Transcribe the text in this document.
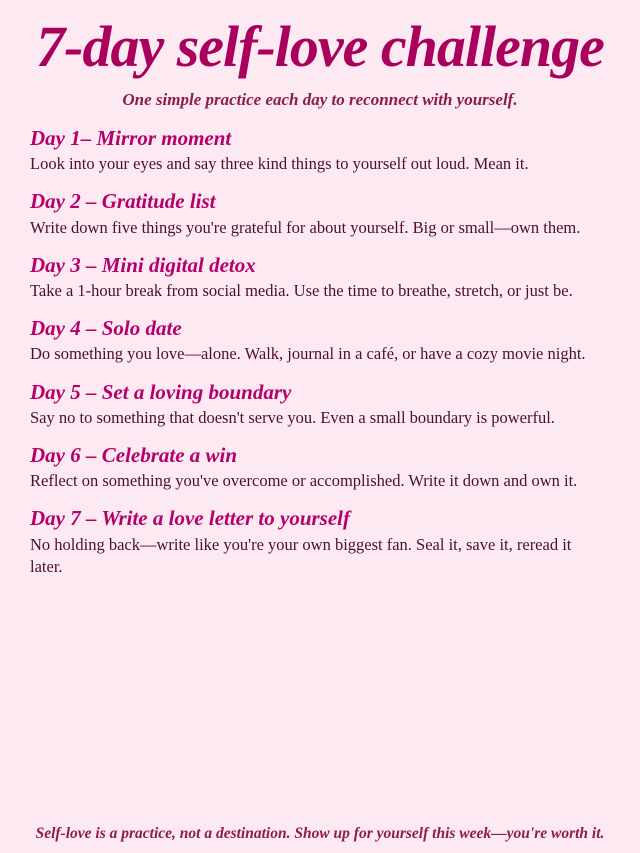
7-day self-love challenge

One simple practice each day to reconnect with yourself.

Day 1– Mirror moment
Look into your eyes and say three kind things to yourself out loud. Mean it.
Day 2 – Gratitude list
Write down five things you're grateful for about yourself. Big or small—own them.
Day 3 – Mini digital detox
Take a 1-hour break from social media. Use the time to breathe, stretch, or just be.
Day 4 – Solo date
Do something you love—alone. Walk, journal in a café, or have a cozy movie night.
Day 5 – Set a loving boundary
Say no to something that doesn't serve you. Even a small boundary is powerful.
Day 6 – Celebrate a win
Reflect on something you've overcome or accomplished. Write it down and own it.
Day 7 – Write a love letter to yourself
No holding back—write like you're your own biggest fan. Seal it, save it, reread it later.
Self-love is a practice, not a destination. Show up for yourself this week—you're worth it.
